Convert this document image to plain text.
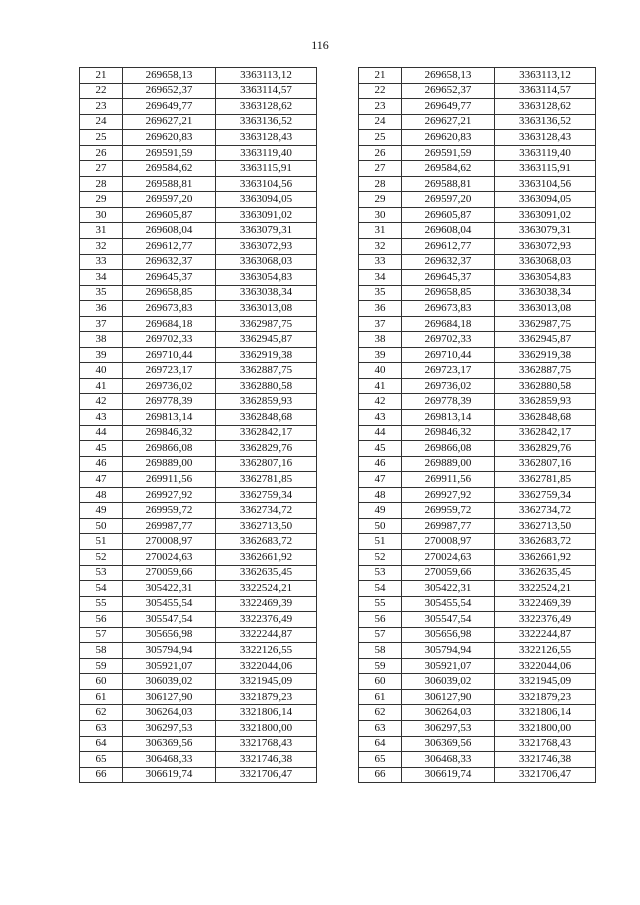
116
21	269658,13	3363113,12
22	269652,37	3363114,57
23	269649,77	3363128,62
24	269627,21	3363136,52
25	269620,83	3363128,43
26	269591,59	3363119,40
27	269584,62	3363115,91
28	269588,81	3363104,56
29	269597,20	3363094,05
30	269605,87	3363091,02
31	269608,04	3363079,31
32	269612,77	3363072,93
33	269632,37	3363068,03
34	269645,37	3363054,83
35	269658,85	3363038,34
36	269673,83	3363013,08
37	269684,18	3362987,75
38	269702,33	3362945,87
39	269710,44	3362919,38
40	269723,17	3362887,75
41	269736,02	3362880,58
42	269778,39	3362859,93
43	269813,14	3362848,68
44	269846,32	3362842,17
45	269866,08	3362829,76
46	269889,00	3362807,16
47	269911,56	3362781,85
48	269927,92	3362759,34
49	269959,72	3362734,72
50	269987,77	3362713,50
51	270008,97	3362683,72
52	270024,63	3362661,92
53	270059,66	3362635,45
54	305422,31	3322524,21
55	305455,54	3322469,39
56	305547,54	3322376,49
57	305656,98	3322244,87
58	305794,94	3322126,55
59	305921,07	3322044,06
60	306039,02	3321945,09
61	306127,90	3321879,23
62	306264,03	3321806,14
63	306297,53	3321800,00
64	306369,56	3321768,43
65	306468,33	3321746,38
66	306619,74	3321706,47
21	269658,13	3363113,12
22	269652,37	3363114,57
23	269649,77	3363128,62
24	269627,21	3363136,52
25	269620,83	3363128,43
26	269591,59	3363119,40
27	269584,62	3363115,91
28	269588,81	3363104,56
29	269597,20	3363094,05
30	269605,87	3363091,02
31	269608,04	3363079,31
32	269612,77	3363072,93
33	269632,37	3363068,03
34	269645,37	3363054,83
35	269658,85	3363038,34
36	269673,83	3363013,08
37	269684,18	3362987,75
38	269702,33	3362945,87
39	269710,44	3362919,38
40	269723,17	3362887,75
41	269736,02	3362880,58
42	269778,39	3362859,93
43	269813,14	3362848,68
44	269846,32	3362842,17
45	269866,08	3362829,76
46	269889,00	3362807,16
47	269911,56	3362781,85
48	269927,92	3362759,34
49	269959,72	3362734,72
50	269987,77	3362713,50
51	270008,97	3362683,72
52	270024,63	3362661,92
53	270059,66	3362635,45
54	305422,31	3322524,21
55	305455,54	3322469,39
56	305547,54	3322376,49
57	305656,98	3322244,87
58	305794,94	3322126,55
59	305921,07	3322044,06
60	306039,02	3321945,09
61	306127,90	3321879,23
62	306264,03	3321806,14
63	306297,53	3321800,00
64	306369,56	3321768,43
65	306468,33	3321746,38
66	306619,74	3321706,47
